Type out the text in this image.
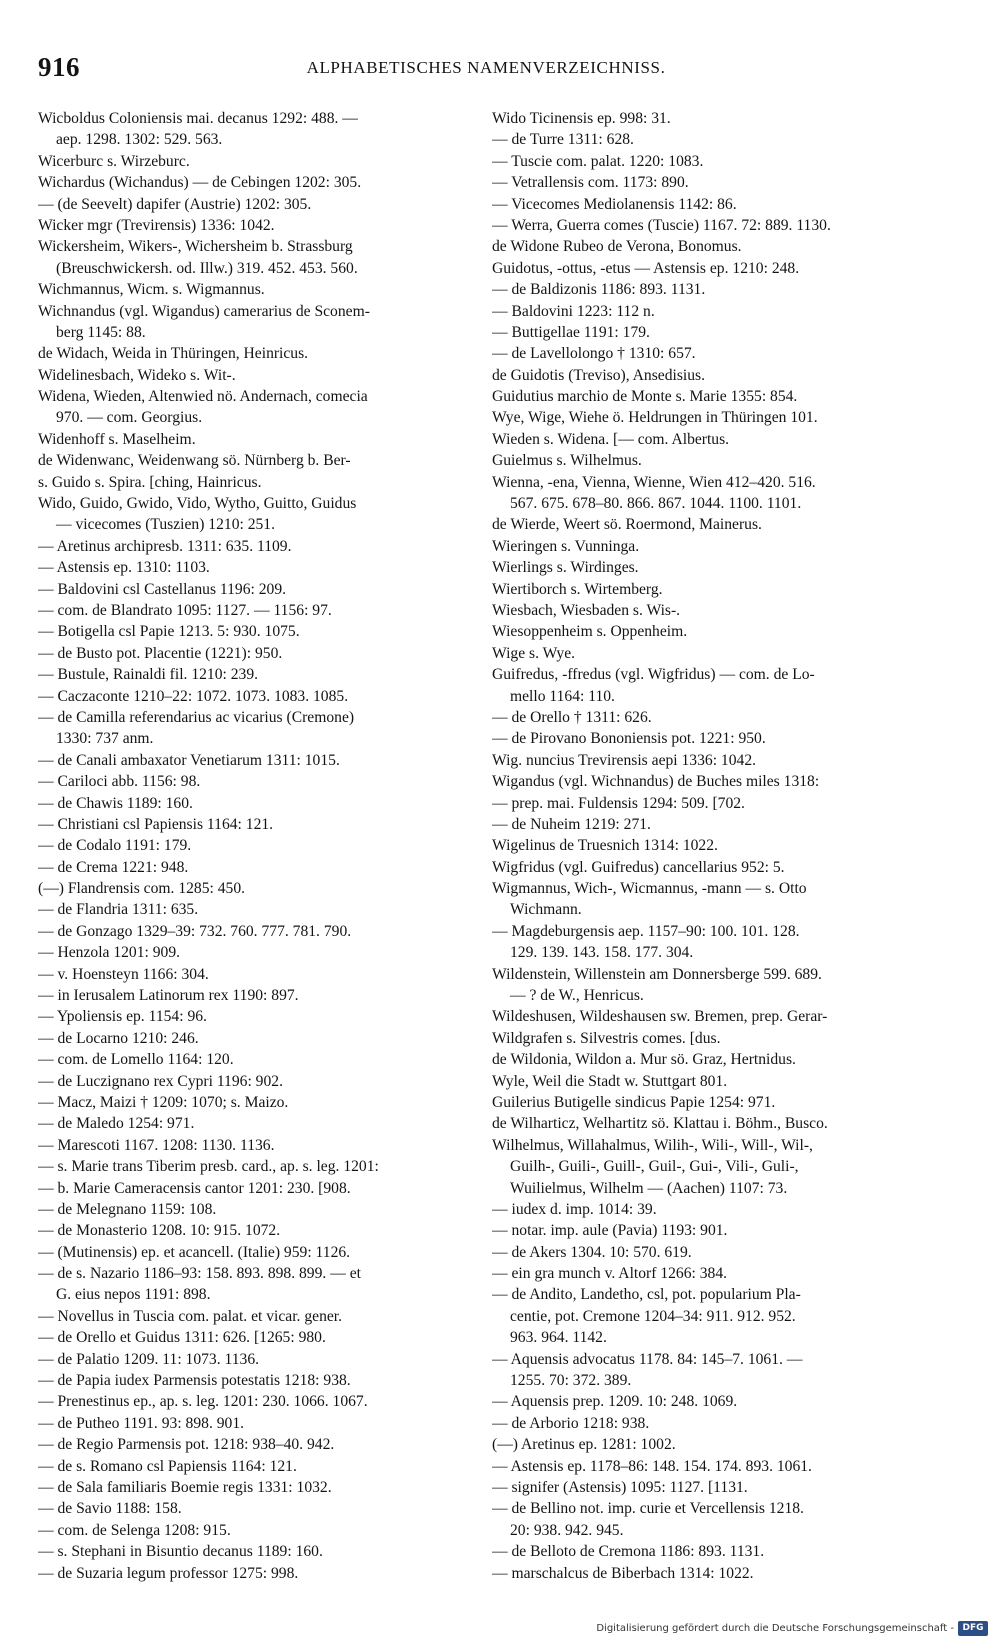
916	ALPHABETISCHES NAMENVERZEICHNISS.
Wicboldus Coloniensis mai. decanus 1292: 488. —
aep. 1298. 1302: 529. 563.
Wicerburc s. Wirzeburc.
Wichardus (Wichandus) — de Cebingen 1202: 305.
— (de Seevelt) dapifer (Austrie) 1202: 305.
Wicker mgr (Trevirensis) 1336: 1042.
Wickersheim, Wikers-, Wichersheim b. Strassburg
(Breuschwickersh. od. Illw.) 319. 452. 453. 560.
Wichmannus, Wicm. s. Wigmannus.
Wichnandus (vgl. Wigandus) camerarius de Sconem-
berg 1145: 88.
de Widach, Weida in Thüringen, Heinricus.
Widelinesbach, Wideko s. Wit-.
Widena, Wieden, Altenwied nö. Andernach, comecia
970. — com. Georgius.
Widenhoff s. Maselheim.
de Widenwanc, Weidenwang sö. Nürnberg b. Ber-
s. Guido s. Spira. [ching, Hainricus.
Wido, Guido, Gwido, Vido, Wytho, Guitto, Guidus
— vicecomes (Tuszien) 1210: 251.
— Aretinus archipresb. 1311: 635. 1109.
— Astensis ep. 1310: 1103.
— Baldovini csl Castellanus 1196: 209.
— com. de Blandrato 1095: 1127. — 1156: 97.
— Botigella csl Papie 1213. 5: 930. 1075.
— de Busto pot. Placentie (1221): 950.
— Bustule, Rainaldi fil. 1210: 239.
— Caczaconte 1210–22: 1072. 1073. 1083. 1085.
— de Camilla referendarius ac vicarius (Cremone)
1330: 737 anm.
— de Canali ambaxator Venetiarum 1311: 1015.
— Cariloci abb. 1156: 98.
— de Chawis 1189: 160.
— Christiani csl Papiensis 1164: 121.
— de Codalo 1191: 179.
— de Crema 1221: 948.
(—) Flandrensis com. 1285: 450.
— de Flandria 1311: 635.
— de Gonzago 1329–39: 732. 760. 777. 781. 790.
— Henzola 1201: 909.
— v. Hoensteyn 1166: 304.
— in Ierusalem Latinorum rex 1190: 897.
— Ypoliensis ep. 1154: 96.
— de Locarno 1210: 246.
— com. de Lomello 1164: 120.
— de Luczignano rex Cypri 1196: 902.
— Macz, Maizi † 1209: 1070; s. Maizo.
— de Maledo 1254: 971.
— Marescoti 1167. 1208: 1130. 1136.
— s. Marie trans Tiberim presb. card., ap. s. leg. 1201:
— b. Marie Cameracensis cantor 1201: 230. [908.
— de Melegnano 1159: 108.
— de Monasterio 1208. 10: 915. 1072.
— (Mutinensis) ep. et acancell. (Italie) 959: 1126.
— de s. Nazario 1186–93: 158. 893. 898. 899. — et
G. eius nepos 1191: 898.
— Novellus in Tuscia com. palat. et vicar. gener.
— de Orello et Guidus 1311: 626. [1265: 980.
— de Palatio 1209. 11: 1073. 1136.
— de Papia iudex Parmensis potestatis 1218: 938.
— Prenestinus ep., ap. s. leg. 1201: 230. 1066. 1067.
— de Putheo 1191. 93: 898. 901.
— de Regio Parmensis pot. 1218: 938–40. 942.
— de s. Romano csl Papiensis 1164: 121.
— de Sala familiaris Boemie regis 1331: 1032.
— de Savio 1188: 158.
— com. de Selenga 1208: 915.
— s. Stephani in Bisuntio decanus 1189: 160.
— de Suzaria legum professor 1275: 998.
Wido Ticinensis ep. 998: 31.
— de Turre 1311: 628.
— Tuscie com. palat. 1220: 1083.
— Vetrallensis com. 1173: 890.
— Vicecomes Mediolanensis 1142: 86.
— Werra, Guerra comes (Tuscie) 1167. 72: 889. 1130.
de Widone Rubeo de Verona, Bonomus.
Guidotus, -ottus, -etus — Astensis ep. 1210: 248.
— de Baldizonis 1186: 893. 1131.
— Baldovini 1223: 112 n.
— Buttigellae 1191: 179.
— de Lavellolongo † 1310: 657.
de Guidotis (Treviso), Ansedisius.
Guidutius marchio de Monte s. Marie 1355: 854.
Wye, Wige, Wiehe ö. Heldrungen in Thüringen 101.
Wieden s. Widena. [— com. Albertus.
Guielmus s. Wilhelmus.
Wienna, -ena, Vienna, Wienne, Wien 412–420. 516.
567. 675. 678–80. 866. 867. 1044. 1100. 1101.
de Wierde, Weert sö. Roermond, Mainerus.
Wieringen s. Vunninga.
Wierlings s. Wirdinges.
Wiertiborch s. Wirtemberg.
Wiesbach, Wiesbaden s. Wis-.
Wiesoppenheim s. Oppenheim.
Wige s. Wye.
Guifredus, -ffredus (vgl. Wigfridus) — com. de Lo-
mello 1164: 110.
— de Orello † 1311: 626.
— de Pirovano Bononiensis pot. 1221: 950.
Wig. nuncius Trevirensis aepi 1336: 1042.
Wigandus (vgl. Wichnandus) de Buches miles 1318:
— prep. mai. Fuldensis 1294: 509. [702.
— de Nuheim 1219: 271.
Wigelinus de Truesnich 1314: 1022.
Wigfridus (vgl. Guifredus) cancellarius 952: 5.
Wigmannus, Wich-, Wicmannus, -mann — s. Otto
Wichmann.
— Magdeburgensis aep. 1157–90: 100. 101. 128.
129. 139. 143. 158. 177. 304.
Wildenstein, Willenstein am Donnersberge 599. 689.
— ? de W., Henricus.
Wildeshusen, Wildeshausen sw. Bremen, prep. Gerar-
Wildgrafen s. Silvestris comes. [dus.
de Wildonia, Wildon a. Mur sö. Graz, Hertnidus.
Wyle, Weil die Stadt w. Stuttgart 801.
Guilerius Butigelle sindicus Papie 1254: 971.
de Wilharticz, Welhartitz sö. Klattau i. Böhm., Busco.
Wilhelmus, Willahalmus, Wilih-, Wili-, Will-, Wil-,
Guilh-, Guili-, Guill-, Guil-, Gui-, Vili-, Guli-,
Wuilielmus, Wilhelm — (Aachen) 1107: 73.
— iudex d. imp. 1014: 39.
— notar. imp. aule (Pavia) 1193: 901.
— de Akers 1304. 10: 570. 619.
— ein gra munch v. Altorf 1266: 384.
— de Andito, Landetho, csl, pot. popularium Pla-
centie, pot. Cremone 1204–34: 911. 912. 952.
963. 964. 1142.
— Aquensis advocatus 1178. 84: 145–7. 1061. —
1255. 70: 372. 389.
— Aquensis prep. 1209. 10: 248. 1069.
— de Arborio 1218: 938.
(—) Aretinus ep. 1281: 1002.
— Astensis ep. 1178–86: 148. 154. 174. 893. 1061.
— signifer (Astensis) 1095: 1127. [1131.
— de Bellino not. imp. curie et Vercellensis 1218.
20: 938. 942. 945.
— de Belloto de Cremona 1186: 893. 1131.
— marschalcus de Biberbach 1314: 1022.
Digitalisierung gefördert durch die Deutsche Forschungsgemeinschaft - DFG
